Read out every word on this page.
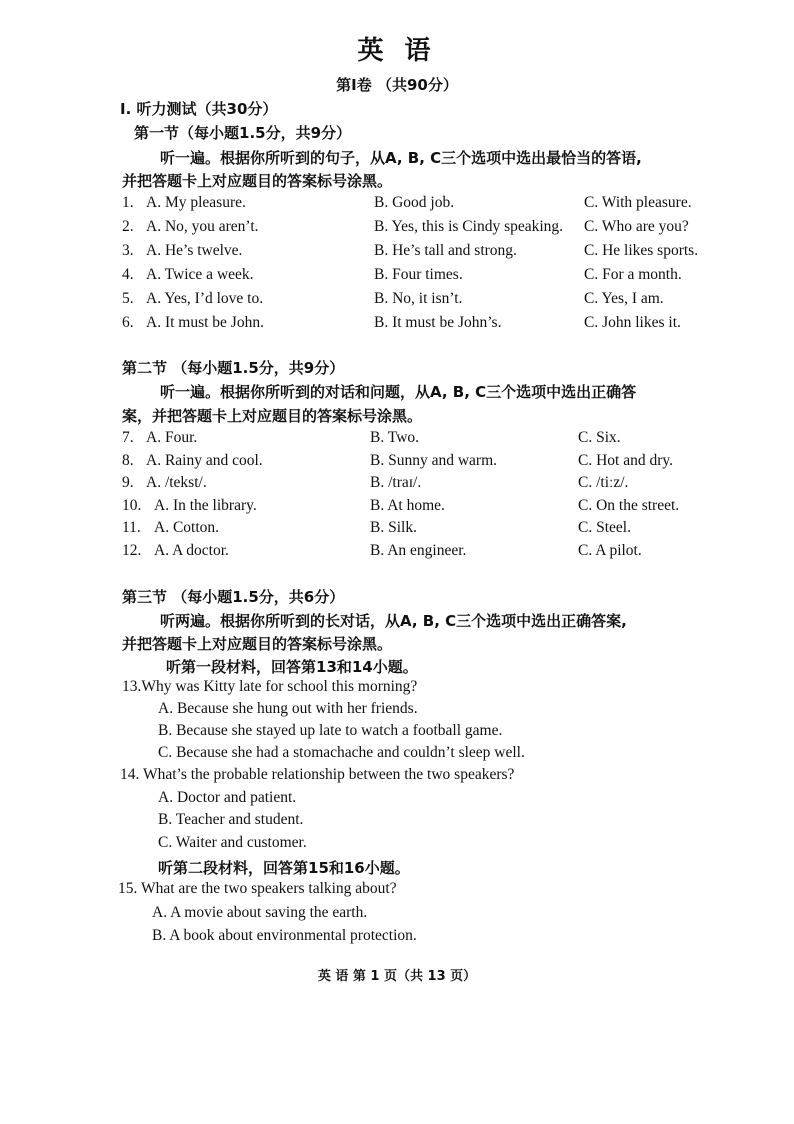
英 语
第I卷 （共90分）
I. 听力测试（共30分）
第一节（每小题1.5分，共9分）
听一遍。根据你所听到的句子，从A, B, C三个选项中选出最恰当的答语,
并把答题卡上对应题目的答案标号涂黑。
1. A. My pleasure.	B. Good job.	C. With pleasure.
2. A. No, you aren’t.	B. Yes, this is Cindy speaking. C. Who are you?
3. A. He’s twelve.	B. He’s tall and strong.	C. He likes sports.
4. A. Twice a week.	B. Four times.	C. For a month.
5. A. Yes, I’d love to.	B. No, it isn’t.	C. Yes, I am.
6. A. It must be John.	B. It must be John’s.	C. John likes it.
第二节 （每小题1.5分，共9分）
听一遍。根据你所听到的对话和问题，从A, B, C三个选项中选出正确答
案，并把答题卡上对应题目的答案标号涂黑。
7. A. Four.	B. Two.	C. Six.
8. A. Rainy and cool.	B. Sunny and warm.	C. Hot and dry.
9. A. /tekst/.	B. /traɪ/.	C. /tiːz/.
10. A. In the library.	B. At home.	C. On the street.
11. A. Cotton.	B. Silk.	C. Steel.
12. A. A doctor.	B. An engineer.	C. A pilot.
第三节 （每小题1.5分，共6分）
听两遍。根据你所听到的长对话，从A, B, C三个选项中选出正确答案,
并把答题卡上对应题目的答案标号涂黑。
听第一段材料，回答第13和14小题。
13.Why was Kitty late for school this morning?
A. Because she hung out with her friends.
B. Because she stayed up late to watch a football game.
C. Because she had a stomachache and couldn’t sleep well.
14. What’s the probable relationship between the two speakers?
A. Doctor and patient.
B. Teacher and student.
C. Waiter and customer.
听第二段材料，回答第15和16小题。
15. What are the two speakers talking about?
A. A movie about saving the earth.
B. A book about environmental protection.
英 语 第 1 页（共 13 页）
